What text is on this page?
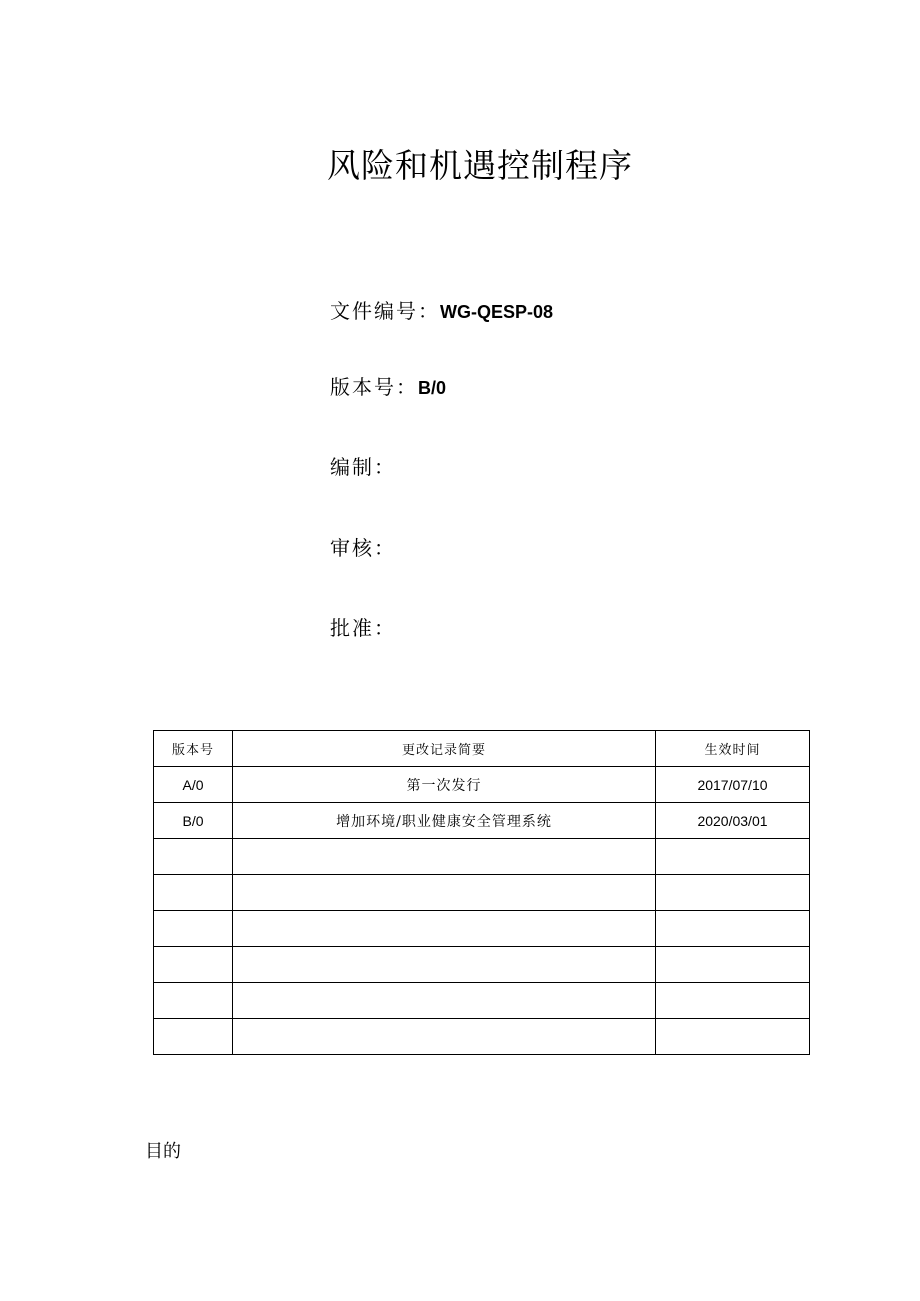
风险和机遇控制程序
文件编号：WG-QESP-08
版本号：B/0
编制：
审核：
批准：
版本号	更改记录简要	生效时间
A/0	第一次发行	2017/07/10
B/0	增加环境/职业健康安全管理系统	2020/03/01

目的
